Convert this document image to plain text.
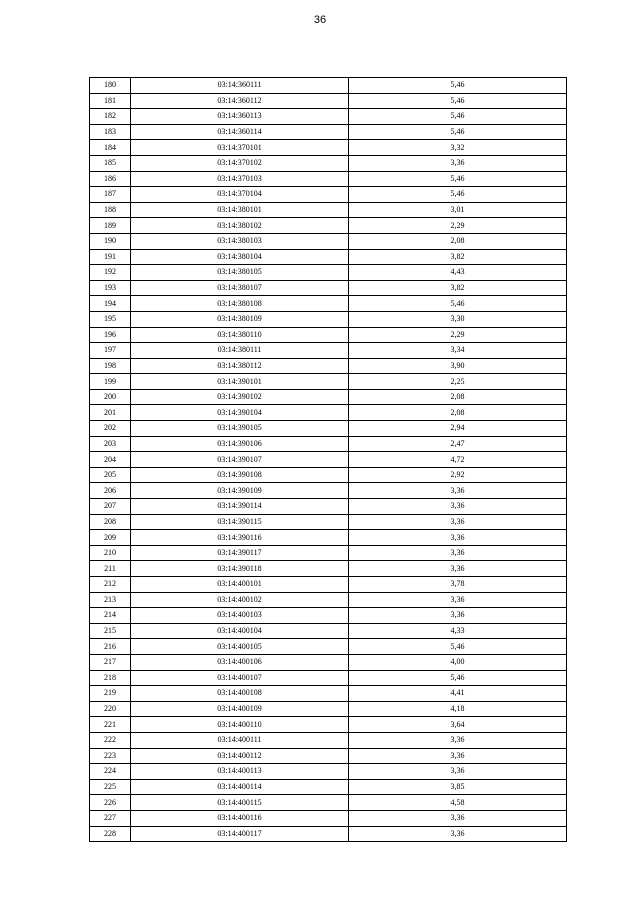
36
180	03:14:360111	5,46
181	03:14:360112	5,46
182	03:14:360113	5,46
183	03:14:360114	5,46
184	03:14:370101	3,32
185	03:14:370102	3,36
186	03:14:370103	5,46
187	03:14:370104	5,46
188	03:14:380101	3,01
189	03:14:380102	2,29
190	03:14:380103	2,08
191	03:14:380104	3,82
192	03:14:380105	4,43
193	03:14:380107	3,82
194	03:14:380108	5,46
195	03:14:380109	3,30
196	03:14:380110	2,29
197	03:14:380111	3,34
198	03:14:380112	3,90
199	03:14:390101	2,25
200	03:14:390102	2,08
201	03:14:390104	2,08
202	03:14:390105	2,94
203	03:14:390106	2,47
204	03:14:390107	4,72
205	03:14:390108	2,92
206	03:14:390109	3,36
207	03:14:390114	3,36
208	03:14:390115	3,36
209	03:14:390116	3,36
210	03:14:390117	3,36
211	03:14:390118	3,36
212	03:14:400101	3,78
213	03:14:400102	3,36
214	03:14:400103	3,36
215	03:14:400104	4,33
216	03:14:400105	5,46
217	03:14:400106	4,00
218	03:14:400107	5,46
219	03:14:400108	4,41
220	03:14:400109	4,18
221	03:14:400110	3,64
222	03:14:400111	3,36
223	03:14:400112	3,36
224	03:14:400113	3,36
225	03:14:400114	3,85
226	03:14:400115	4,58
227	03:14:400116	3,36
228	03:14:400117	3,36
